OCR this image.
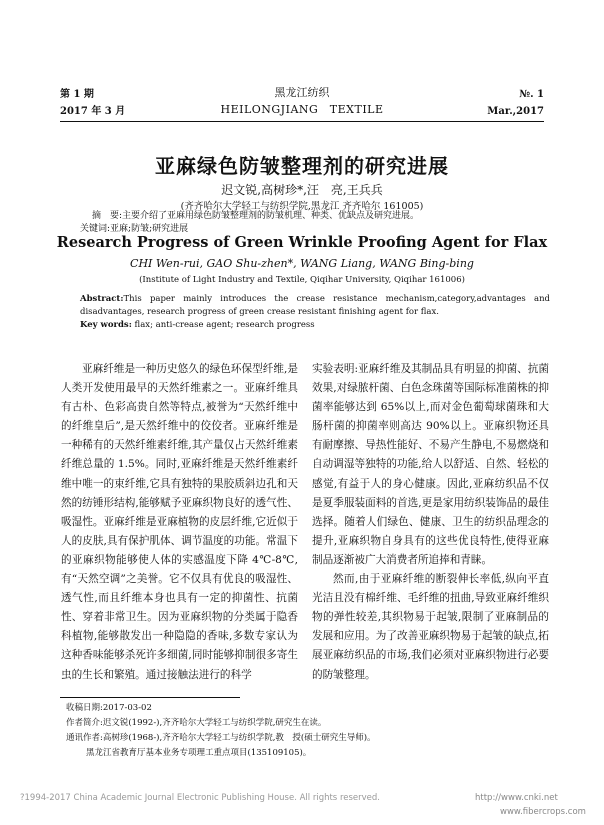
第 1 期
2017 年 3 月
黑龙江纺织
HEILONGJIANG　TEXTILE
№. 1
Mar.,2017
亚麻绿色防皱整理剂的研究进展
迟文锐,高树珍*,汪　亮,王兵兵
(齐齐哈尔大学轻工与纺织学院,黑龙江 齐齐哈尔 161005)
摘　要:主要介绍了亚麻用绿色防皱整理剂的防皱机理、种类、优缺点及研究进展。
关键词:亚麻;防皱;研究进展
Research Progress of Green Wrinkle Proofing Agent for Flax
CHI Wen-rui, GAO Shu-zhen*, WANG Liang, WANG Bing-bing
(Institute of Light Industry and Textile, Qiqihar University, Qiqihar 161006)
Abstract:This paper mainly introduces the crease resistance mechanism,category,advantages and disadvantages, research progress of green crease resistant finishing agent for flax.
Key words: flax; anti-crease agent; research progress

亚麻纤维是一种历史悠久的绿色环保型纤维,是人类开发使用最早的天然纤维素之一。亚麻纤维具有古朴、色彩高贵自然等特点,被誉为“天然纤维中的纤维皇后”,是天然纤维中的佼佼者。亚麻纤维是一种稀有的天然纤维素纤维,其产量仅占天然纤维素纤维总量的 1.5%。同时,亚麻纤维是天然纤维素纤维中唯一的束纤维,它具有独特的果胶质斜边孔和天然的纺锤形结构,能够赋予亚麻织物良好的透气性、吸湿性。亚麻纤维是亚麻植物的皮层纤维,它近似于人的皮肤,具有保护肌体、调节温度的功能。常温下的亚麻织物能够使人体的实感温度下降 4℃-8℃,有“天然空调”之美誉。它不仅具有优良的吸湿性、透气性,而且纤维本身也具有一定的抑菌性、抗菌性、穿着非常卫生。因为亚麻织物的分类属于隐香科植物,能够散发出一种隐隐的香味,多数专家认为这种香味能够杀死许多细菌,同时能够抑制很多寄生虫的生长和繁殖。通过接触法进行的科学

实验表明:亚麻纤维及其制品具有明显的抑菌、抗菌效果,对绿脓杆菌、白色念珠菌等国际标准菌株的抑菌率能够达到 65%以上,而对金色葡萄球菌珠和大肠杆菌的抑菌率则高达 90%以上。亚麻织物还具有耐摩擦、导热性能好、不易产生静电,不易燃烧和自动调湿等独特的功能,给人以舒适、自然、轻松的感觉,有益于人的身心健康。因此,亚麻纺织品不仅是夏季服装面料的首选,更是家用纺织装饰品的最佳选择。随着人们绿色、健康、卫生的纺织品理念的提升,亚麻织物自身具有的这些优良特性,使得亚麻制品逐渐被广大消费者所追捧和青睐。

然而,由于亚麻纤维的断裂伸长率低,纵向平直光洁且没有棉纤维、毛纤维的扭曲,导致亚麻纤维织物的弹性较差,其织物易于起皱,限制了亚麻制品的发展和应用。为了改善亚麻织物易于起皱的缺点,拓展亚麻纺织品的市场,我们必须对亚麻织物进行必要的防皱整理。

收稿日期:2017-03-02
作者简介:迟文锐(1992-),齐齐哈尔大学轻工与纺织学院,研究生在读。
通讯作者:高树珍(1968-),齐齐哈尔大学轻工与纺织学院,教　授(硕士研究生导师)。
黑龙江省教育厅基本业务专项理工重点项目(135109105)。
?1994-2017 China Academic Journal Electronic Publishing House. All rights reserved.	http://www.cnki.net
www.fibercrops.com
